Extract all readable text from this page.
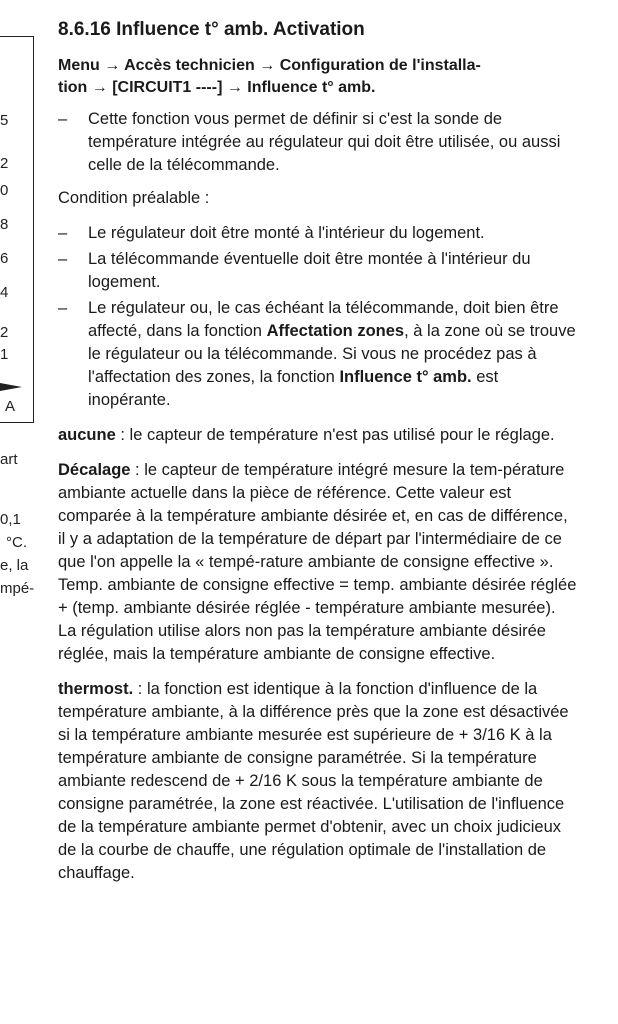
5
2
0
8
6
4
2
1
A
art
0,1
°C.
e, la
mpé-
8.6.16 Influence t° amb. Activation
Menu → Accès technicien → Configuration de l'installa-
tion → [CIRCUIT1 ----] → Influence t° amb.
– Cette fonction vous permet de définir si c'est la sonde de température intégrée au régulateur qui doit être utilisée, ou aussi celle de la télécommande.

Condition préalable :

– Le régulateur doit être monté à l'intérieur du logement.
– La télécommande éventuelle doit être montée à l'intérieur du logement.
– Le régulateur ou, le cas échéant la télécommande, doit bien être affecté, dans la fonction Affectation zones, à la zone où se trouve le régulateur ou la télécommande. Si vous ne procédez pas à l'affectation des zones, la fonction Influence t° amb. est inopérante.

aucune : le capteur de température n'est pas utilisé pour le réglage.

Décalage : le capteur de température intégré mesure la tem-pérature ambiante actuelle dans la pièce de référence. Cette valeur est comparée à la température ambiante désirée et, en cas de différence, il y a adaptation de la température de départ par l'intermédiaire de ce que l'on appelle la « tempé-rature ambiante de consigne effective ». Temp. ambiante de consigne effective = temp. ambiante désirée réglée + (temp. ambiante désirée réglée - température ambiante mesurée). La régulation utilise alors non pas la température ambiante désirée réglée, mais la température ambiante de consigne effective.

thermost. : la fonction est identique à la fonction d'influence de la température ambiante, à la différence près que la zone est désactivée si la température ambiante mesurée est supérieure de + 3/16 K à la température ambiante de consigne paramétrée. Si la température ambiante redescend de + 2/16 K sous la température ambiante de consigne paramétrée, la zone est réactivée. L'utilisation de l'influence de la température ambiante permet d'obtenir, avec un choix judicieux de la courbe de chauffe, une régulation optimale de l'installation de chauffage.
